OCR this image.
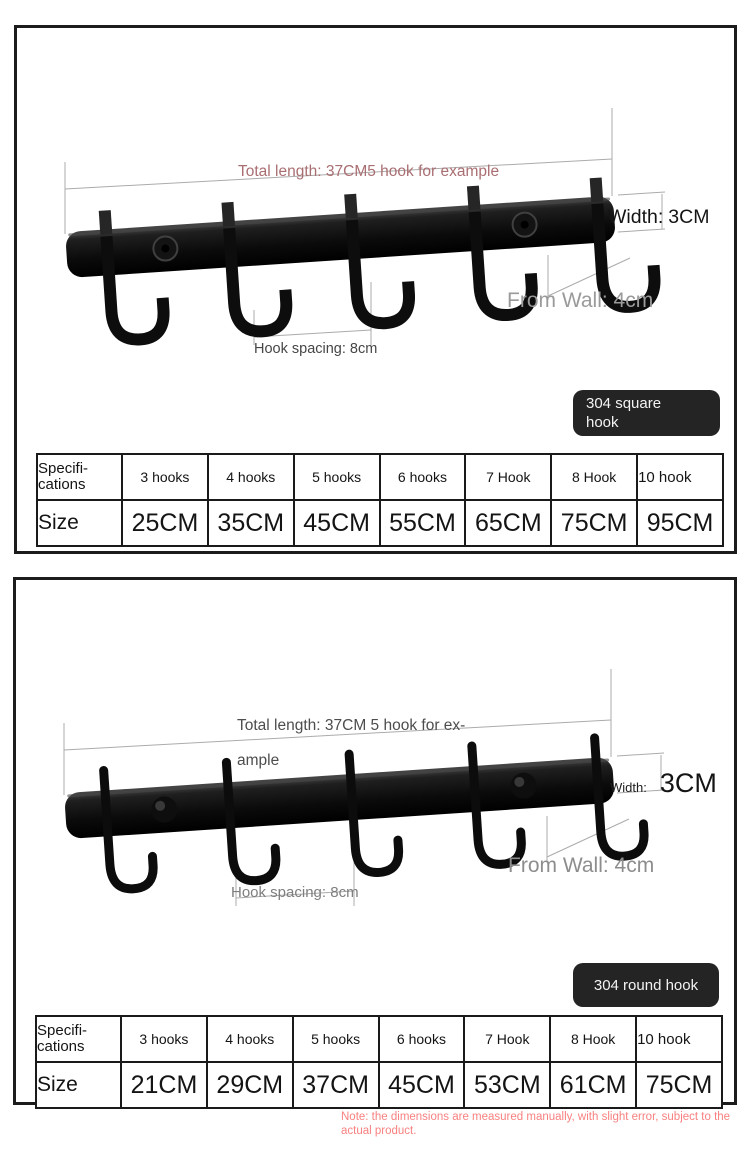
Total length: 37CM5 hook for example

Width: 3CM
From Wall: 4cm
Hook spacing: 8cm
304 square
hook
Specifi-cations	3 hooks	4 hooks	5 hooks	6 hooks	7 Hook	8 Hook	10 hook
Size	25CM	35CM	45CM	55CM	65CM	75CM	95CM

Total length: 37CM 5 hook for ex-

ample

Width: 3CM
From Wall: 4cm
Hook spacing: 8cm
304 round hook
Specifi-cations	3 hooks	4 hooks	5 hooks	6 hooks	7 Hook	8 Hook	10 hook
Size	21CM	29CM	37CM	45CM	53CM	61CM	75CM
Note: the dimensions are measured manually, with slight error, subject to the actual product.
